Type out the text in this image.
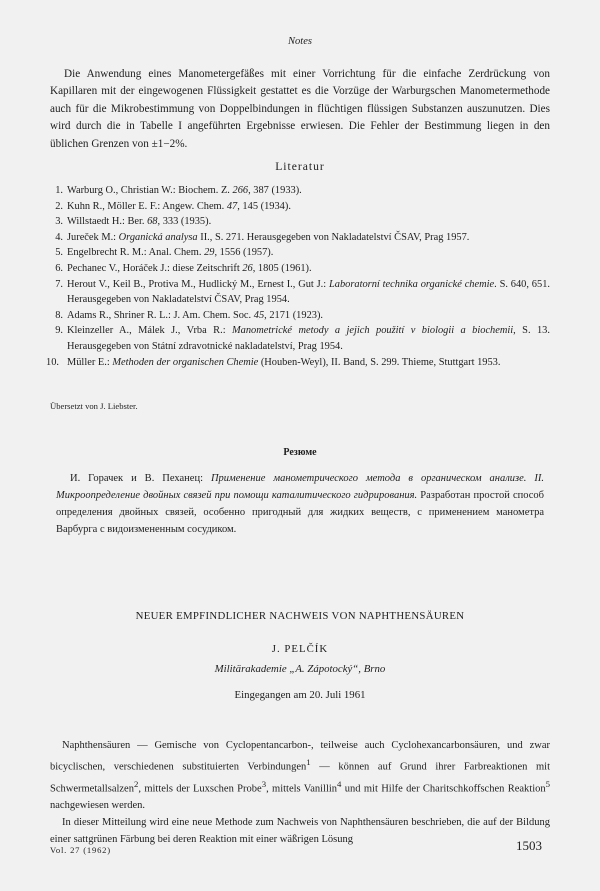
Notes
Die Anwendung eines Manometergefäßes mit einer Vorrichtung für die einfache Zerdrückung von Kapillaren mit der eingewogenen Flüssigkeit gestattet es die Vorzüge der Warburgschen Manometermethode auch für die Mikrobestimmung von Doppelbindungen in flüchtigen flüssigen Substanzen auszunutzen. Dies wird durch die in Tabelle I angeführten Ergebnisse erwiesen. Die Fehler der Bestimmung liegen in den üblichen Grenzen von ±1−2%.
Literatur
1. Warburg O., Christian W.: Biochem. Z. 266, 387 (1933).
2. Kuhn R., Möller E. F.: Angew. Chem. 47, 145 (1934).
3. Willstaedt H.: Ber. 68, 333 (1935).
4. Jureček M.: Organická analysa II., S. 271. Herausgegeben von Nakladatelství ČSAV, Prag 1957.
5. Engelbrecht R. M.: Anal. Chem. 29, 1556 (1957).
6. Pechanec V., Horáček J.: diese Zeitschrift 26, 1805 (1961).
7. Herout V., Keil B., Protiva M., Hudlický M., Ernest I., Gut J.: Laboratorní technika organické chemie. S. 640, 651. Herausgegeben von Nakladatelství ČSAV, Prag 1954.
8. Adams R., Shriner R. L.: J. Am. Chem. Soc. 45, 2171 (1923).
9. Kleinzeller A., Málek J., Vrba R.: Manometrické metody a jejich použití v biologii a biochemii, S. 13. Herausgegeben von Státní zdravotnické nakladatelství, Prag 1954.
10. Müller E.: Methoden der organischen Chemie (Houben-Weyl), II. Band, S. 299. Thieme, Stuttgart 1953.
Übersetzt von J. Liebster.
Резюме
И. Горачек и В. Пеханец: Применение манометрического метода в органическом анализе. II. Микроопределение двойных связей при помощи каталитического гидрирования. Разработан простой способ определения двойных связей, особенно пригодный для жидких веществ, с применением манометра Варбурга с видоизмененным сосудиком.
NEUER EMPFINDLICHER NACHWEIS VON NAPHTHENSÄUREN
J. PELČÍK
Militärakademie „A. Zápotocký“, Brno
Eingegangen am 20. Juli 1961

Naphthensäuren — Gemische von Cyclopentancarbon-, teilweise auch Cyclohexancarbonsäuren, und zwar bicyclischen, verschiedenen substituierten Verbindungen$^1$ — können auf Grund ihrer Farbreaktionen mit Schwermetallsalzen$^2$, mittels der Luxschen Probe$^3$, mittels Vanillin$^4$ und mit Hilfe der Charitschkoffschen Reaktion$^5$ nachgewiesen werden.

In dieser Mitteilung wird eine neue Methode zum Nachweis von Naphthensäuren beschrieben, die auf der Bildung einer sattgrünen Färbung bei deren Reaktion mit einer wäßrigen Lösung

Vol. 27 (1962)	1503
